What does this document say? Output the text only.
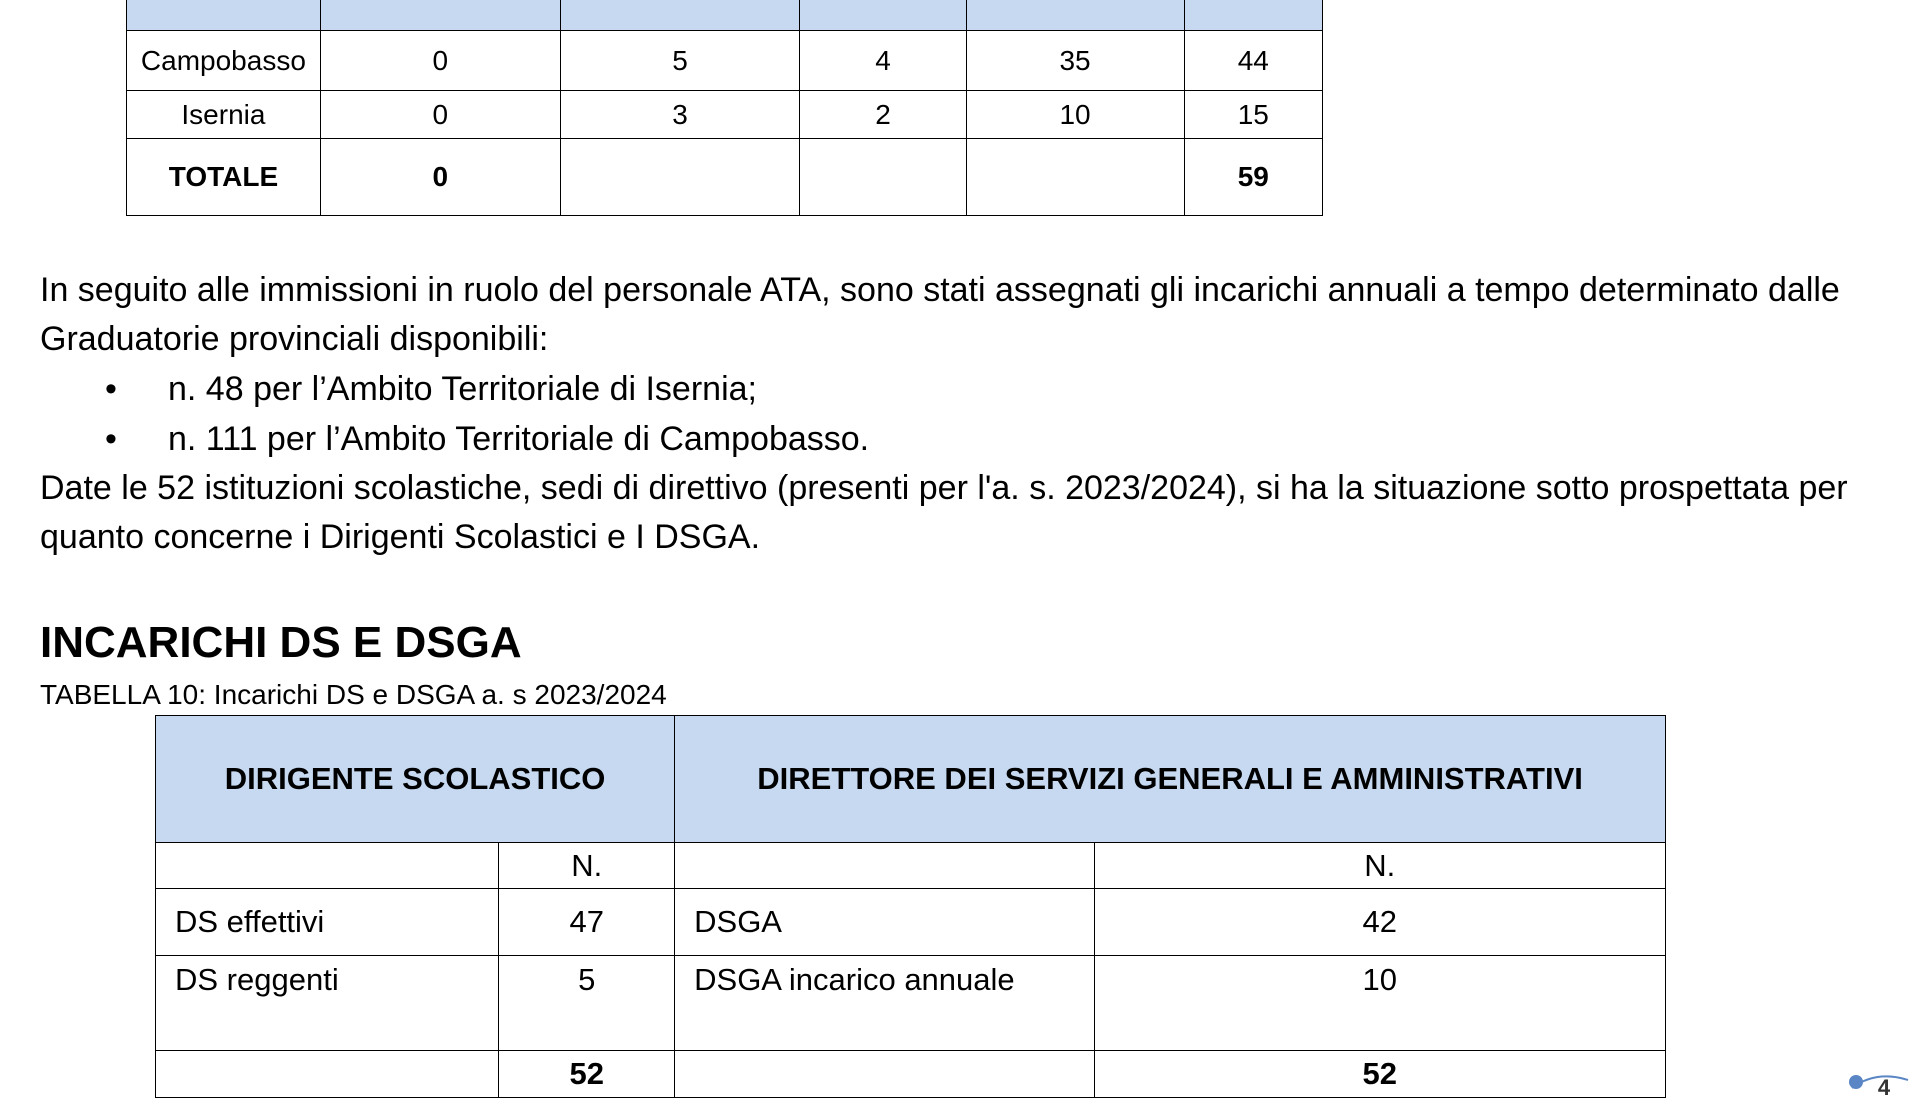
Campobasso	0	5	4	35	44
Isernia	0	3	2	10	15
TOTALE	0				59

In seguito alle immissioni in ruolo del personale ATA, sono stati assegnati gli incarichi annuali a tempo determinato dalle Graduatorie provinciali disponibili:

• n. 48 per l’Ambito Territoriale di Isernia;
• n. 111 per l’Ambito Territoriale di Campobasso.

Date le 52 istituzioni scolastiche, sedi di direttivo (presenti per l'a. s. 2023/2024), si ha la situazione sotto prospettata per quanto concerne i Dirigenti Scolastici e I DSGA.

INCARICHI DS E DSGA

TABELLA 10: Incarichi DS e DSGA a. s 2023/2024

DIRIGENTE SCOLASTICO		DIRETTORE DEI SERVIZI GENERALI E AMMINISTRATIVI	
	N.		N.
DS effettivi	47	DSGA	42
DS reggenti	5	DSGA incarico annuale	10
	52		52	4
